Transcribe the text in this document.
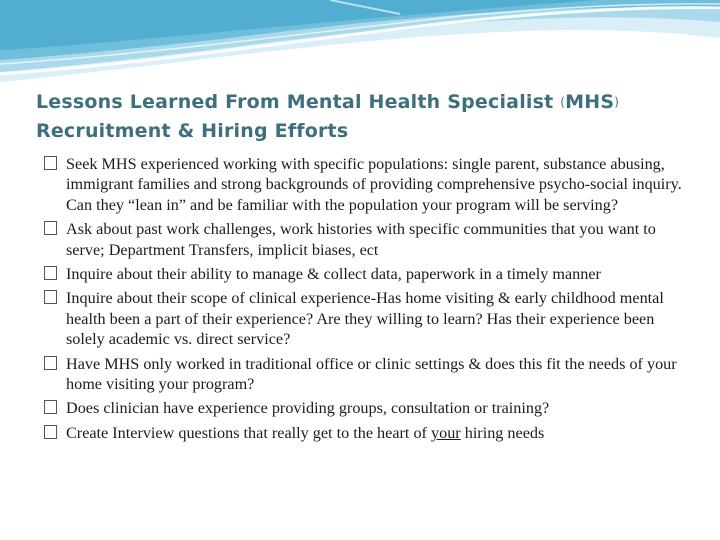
Lessons Learned From Mental Health Specialist (MHS)
Recruitment & Hiring Efforts
Seek MHS experienced working with specific populations: single parent, substance abusing, immigrant families and strong backgrounds of providing comprehensive psycho-social inquiry. Can they “lean in” and be familiar with the population your program will be serving?
Ask about past work challenges, work histories with specific communities that you want to serve; Department Transfers, implicit biases, ect
Inquire about their ability to manage & collect data, paperwork in a timely manner
Inquire about their scope of clinical experience-Has home visiting & early childhood mental health been a part of their experience? Are they willing to learn? Has their experience been solely academic vs. direct service?
Have MHS only worked in traditional office or clinic settings & does this fit the needs of your home visiting your program?
Does clinician have experience providing groups, consultation or training?
Create Interview questions that really get to the heart of your hiring needs
